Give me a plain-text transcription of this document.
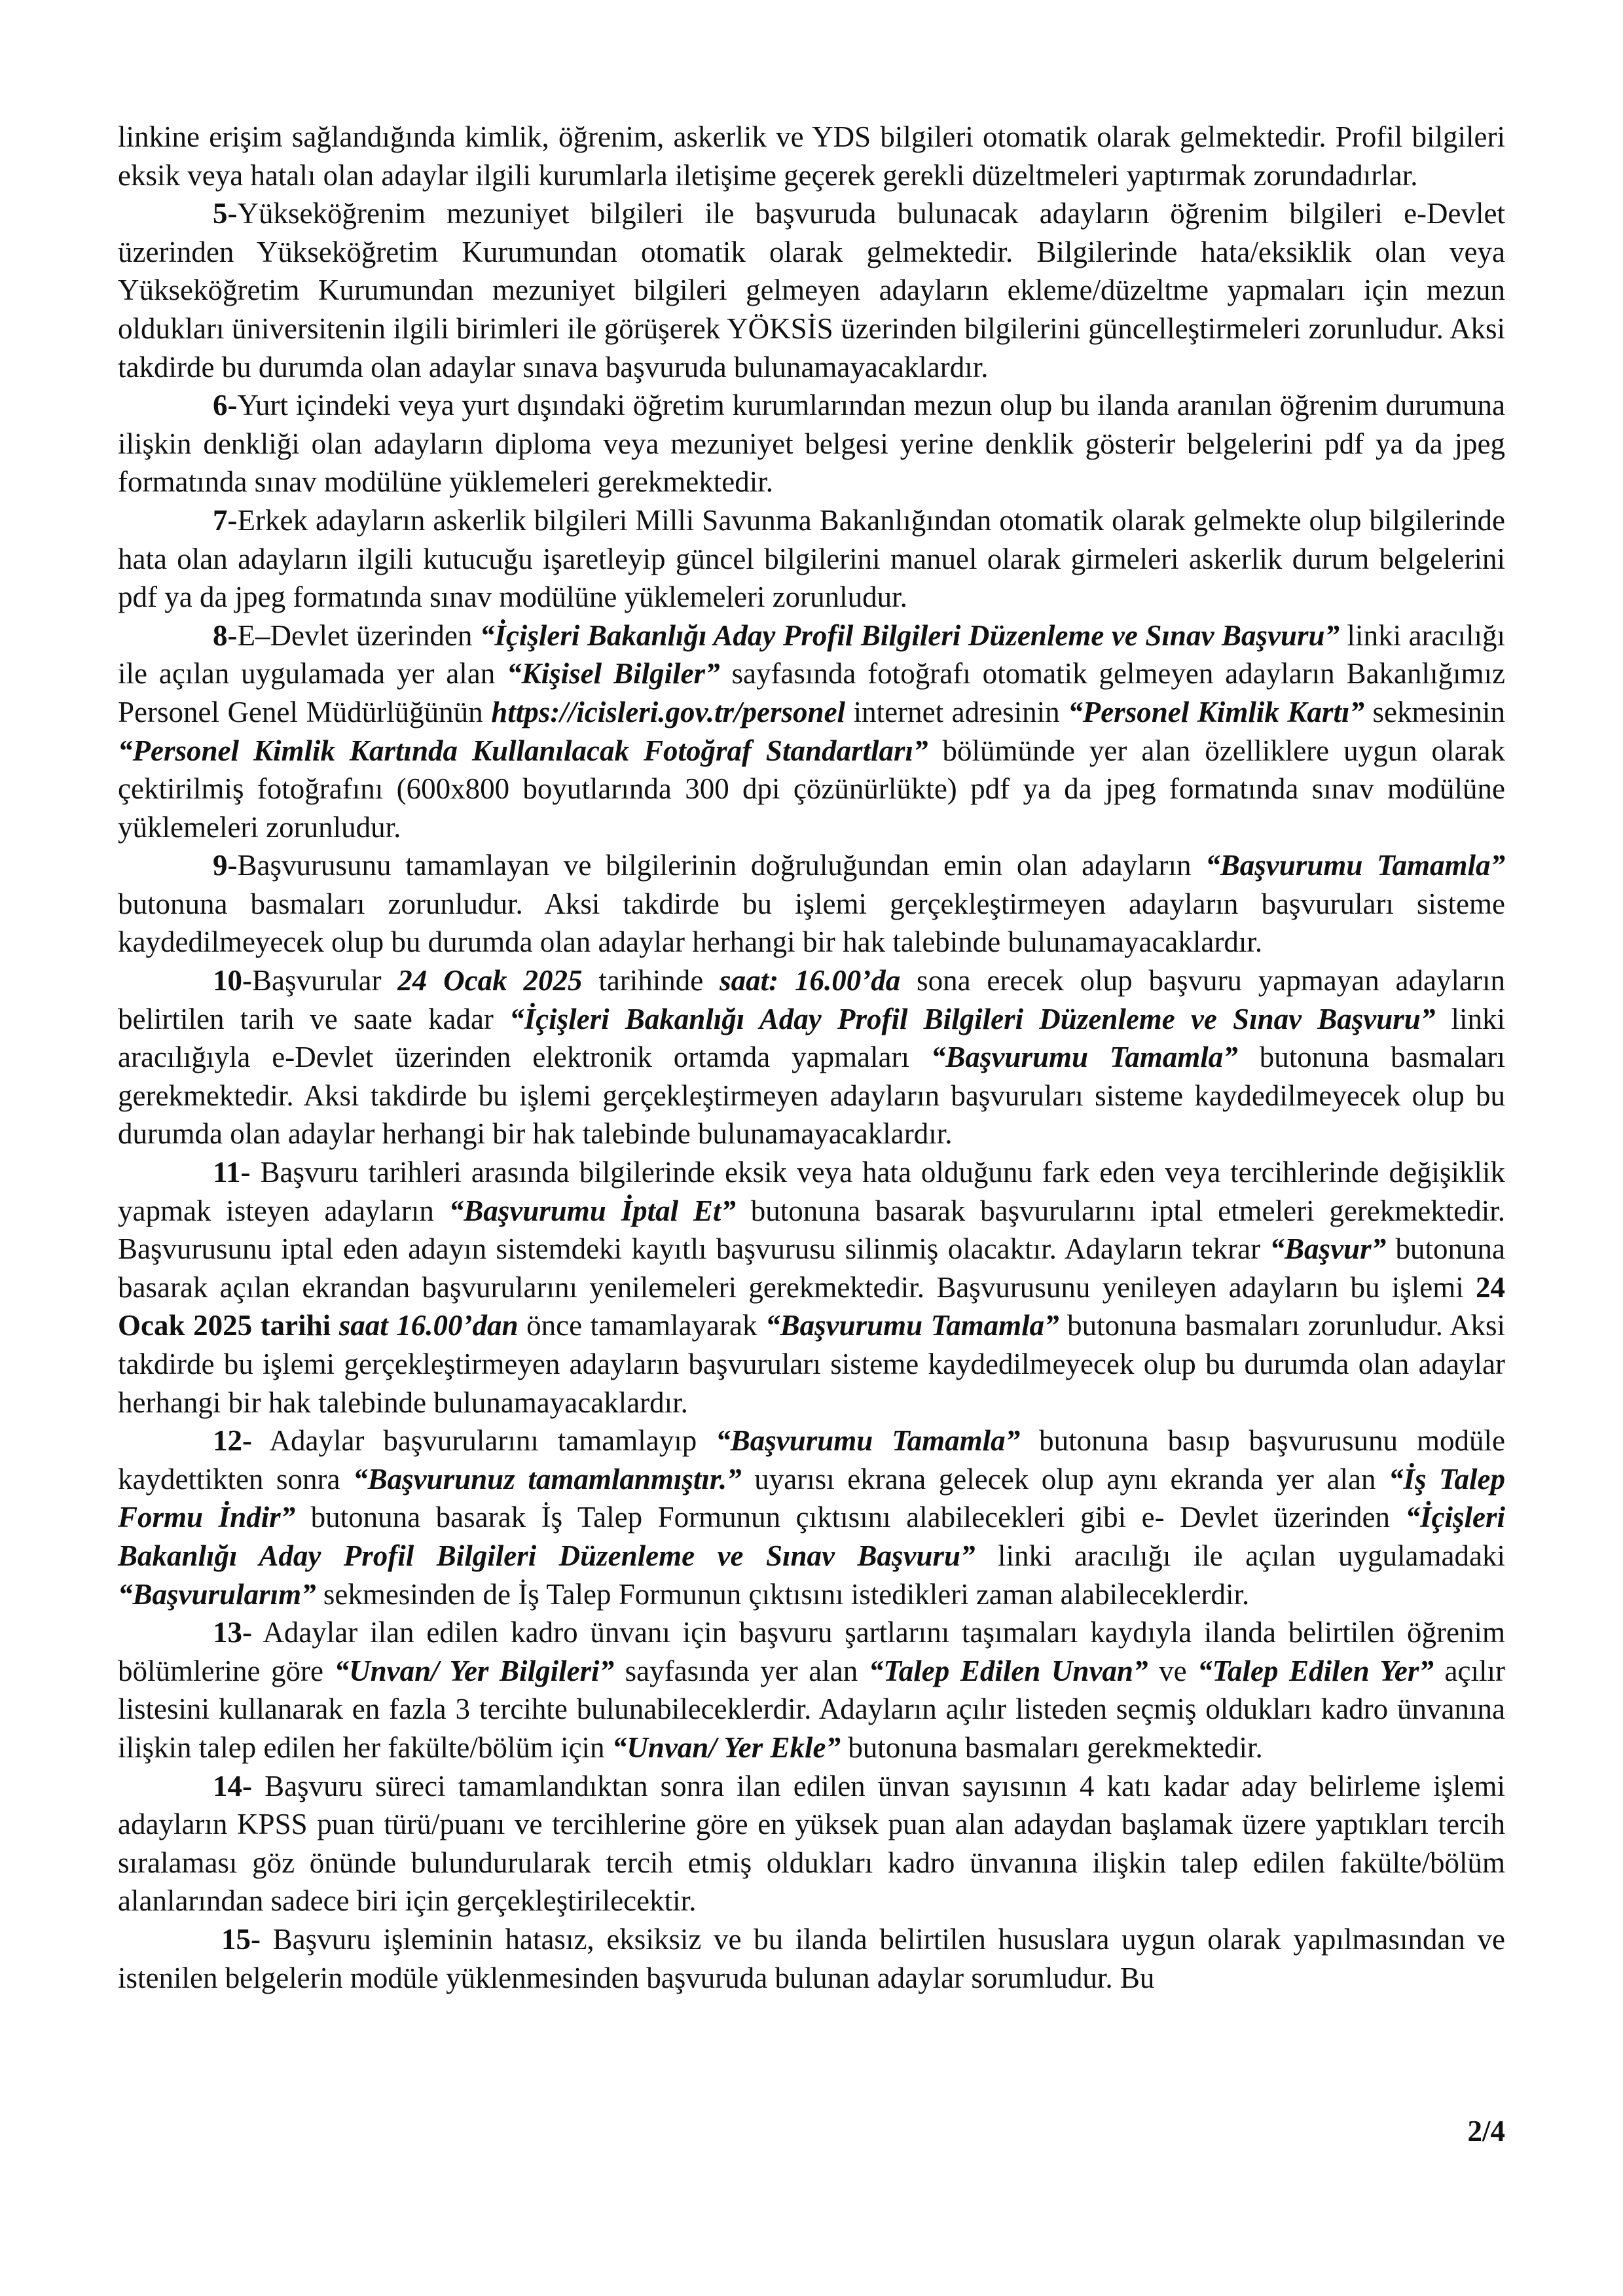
linkine erişim sağlandığında kimlik, öğrenim, askerlik ve YDS bilgileri otomatik olarak gelmektedir. Profil bilgileri eksik veya hatalı olan adaylar ilgili kurumlarla iletişime geçerek gerekli düzeltmeleri yaptırmak zorundadırlar.

5-Yükseköğrenim mezuniyet bilgileri ile başvuruda bulunacak adayların öğrenim bilgileri e-Devlet üzerinden Yükseköğretim Kurumundan otomatik olarak gelmektedir. Bilgilerinde hata/eksiklik olan veya Yükseköğretim Kurumundan mezuniyet bilgileri gelmeyen adayların ekleme/düzeltme yapmaları için mezun oldukları üniversitenin ilgili birimleri ile görüşerek YÖKSİS üzerinden bilgilerini güncelleştirmeleri zorunludur. Aksi takdirde bu durumda olan adaylar sınava başvuruda bulunamayacaklardır.

6-Yurt içindeki veya yurt dışındaki öğretim kurumlarından mezun olup bu ilanda aranılan öğrenim durumuna ilişkin denkliği olan adayların diploma veya mezuniyet belgesi yerine denklik gösterir belgelerini pdf ya da jpeg formatında sınav modülüne yüklemeleri gerekmektedir.

7-Erkek adayların askerlik bilgileri Milli Savunma Bakanlığından otomatik olarak gelmekte olup bilgilerinde hata olan adayların ilgili kutucuğu işaretleyip güncel bilgilerini manuel olarak girmeleri askerlik durum belgelerini pdf ya da jpeg formatında sınav modülüne yüklemeleri zorunludur.

8-E–Devlet üzerinden “İçişleri Bakanlığı Aday Profil Bilgileri Düzenleme ve Sınav Başvuru” linki aracılığı ile açılan uygulamada yer alan “Kişisel Bilgiler” sayfasında fotoğrafı otomatik gelmeyen adayların Bakanlığımız Personel Genel Müdürlüğünün https://icisleri.gov.tr/personel internet adresinin “Personel Kimlik Kartı” sekmesinin “Personel Kimlik Kartında Kullanılacak Fotoğraf Standartları” bölümünde yer alan özelliklere uygun olarak çektirilmiş fotoğrafını (600x800 boyutlarında 300 dpi çözünürlükte) pdf ya da jpeg formatında sınav modülüne yüklemeleri zorunludur.

9-Başvurusunu tamamlayan ve bilgilerinin doğruluğundan emin olan adayların “Başvurumu Tamamla” butonuna basmaları zorunludur. Aksi takdirde bu işlemi gerçekleştirmeyen adayların başvuruları sisteme kaydedilmeyecek olup bu durumda olan adaylar herhangi bir hak talebinde bulunamayacaklardır.

10-Başvurular 24 Ocak 2025 tarihinde saat: 16.00’da sona erecek olup başvuru yapmayan adayların belirtilen tarih ve saate kadar “İçişleri Bakanlığı Aday Profil Bilgileri Düzenleme ve Sınav Başvuru” linki aracılığıyla e-Devlet üzerinden elektronik ortamda yapmaları “Başvurumu Tamamla” butonuna basmaları gerekmektedir. Aksi takdirde bu işlemi gerçekleştirmeyen adayların başvuruları sisteme kaydedilmeyecek olup bu durumda olan adaylar herhangi bir hak talebinde bulunamayacaklardır.

11- Başvuru tarihleri arasında bilgilerinde eksik veya hata olduğunu fark eden veya tercihlerinde değişiklik yapmak isteyen adayların “Başvurumu İptal Et” butonuna basarak başvurularını iptal etmeleri gerekmektedir. Başvurusunu iptal eden adayın sistemdeki kayıtlı başvurusu silinmiş olacaktır. Adayların tekrar “Başvur” butonuna basarak açılan ekrandan başvurularını yenilemeleri gerekmektedir. Başvurusunu yenileyen adayların bu işlemi 24 Ocak 2025 tarihi saat 16.00’dan önce tamamlayarak “Başvurumu Tamamla” butonuna basmaları zorunludur. Aksi takdirde bu işlemi gerçekleştirmeyen adayların başvuruları sisteme kaydedilmeyecek olup bu durumda olan adaylar herhangi bir hak talebinde bulunamayacaklardır.

12- Adaylar başvurularını tamamlayıp “Başvurumu Tamamla” butonuna basıp başvurusunu modüle kaydettikten sonra “Başvurunuz tamamlanmıştır.” uyarısı ekrana gelecek olup aynı ekranda yer alan “İş Talep Formu İndir” butonuna basarak İş Talep Formunun çıktısını alabilecekleri gibi e- Devlet üzerinden “İçişleri Bakanlığı Aday Profil Bilgileri Düzenleme ve Sınav Başvuru” linki aracılığı ile açılan uygulamadaki “Başvurularım” sekmesinden de İş Talep Formunun çıktısını istedikleri zaman alabileceklerdir.

13- Adaylar ilan edilen kadro ünvanı için başvuru şartlarını taşımaları kaydıyla ilanda belirtilen öğrenim bölümlerine göre “Unvan/ Yer Bilgileri” sayfasında yer alan “Talep Edilen Unvan” ve “Talep Edilen Yer” açılır listesini kullanarak en fazla 3 tercihte bulunabileceklerdir. Adayların açılır listeden seçmiş oldukları kadro ünvanına ilişkin talep edilen her fakülte/bölüm için “Unvan/ Yer Ekle” butonuna basmaları gerekmektedir.

14- Başvuru süreci tamamlandıktan sonra ilan edilen ünvan sayısının 4 katı kadar aday belirleme işlemi adayların KPSS puan türü/puanı ve tercihlerine göre en yüksek puan alan adaydan başlamak üzere yaptıkları tercih sıralaması göz önünde bulundurularak tercih etmiş oldukları kadro ünvanına ilişkin talep edilen fakülte/bölüm alanlarından sadece biri için gerçekleştirilecektir.

15- Başvuru işleminin hatasız, eksiksiz ve bu ilanda belirtilen hususlara uygun olarak yapılmasından ve istenilen belgelerin modüle yüklenmesinden başvuruda bulunan adaylar sorumludur. Bu

2/4
